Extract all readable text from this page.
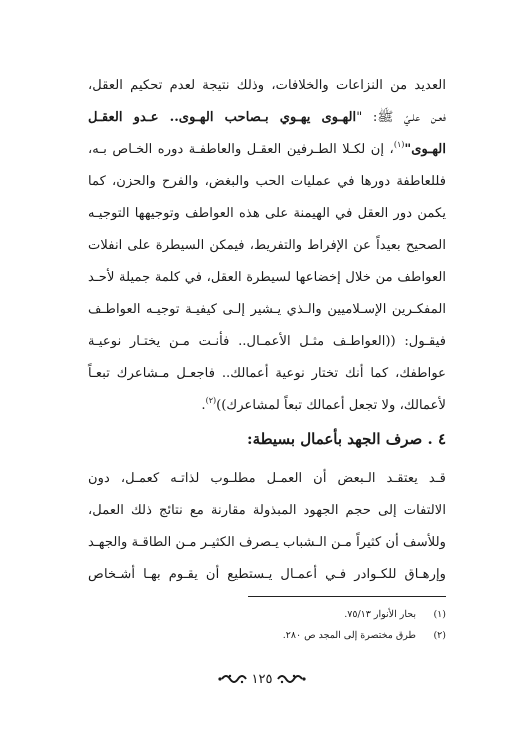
العديد من النزاعات والخلافات، وذلك نتيجة لعدم تحكيم العقل،
فعـن علـيّ ﷺ: "الهـوى يهـوي بـصاحب الهـوى.. عـدو العقـل
الهـوى"$^{(١)}$، إن لكـلا الطـرفين العقـل والعاطفـة دوره الخـاص بـه،
فللعاطفة دورها في عمليات الحب والبغض، والفرح والحزن، كما
يكمن دور العقل في الهيمنة على هذه العواطف وتوجيهها التوجيـه
الصحيح بعيداً عن الإفراط والتفريط، فيمكن السيطرة على انفلات
العواطف من خلال إخضاعها لسيطرة العقل، في كلمة جميلة لأحـد
المفكـرين الإسـلاميين والـذي يـشير إلـى كيفيـة توجيـه العواطـف
فيقـول: ((العواطـف مثـل الأعمـال.. فأنـت مـن يختـار نوعيـة
عواطفك، كما أنك تختار نوعية أعمالك.. فاجعـل مـشاعرك تبعـاً
لأعمالك، ولا تجعل أعمالك تبعاً لمشاعرك))$^{(٢)}$.
٤ . صرف الجهد بأعمال بسيطة:
قـد يعتقـد الـبعض أن العمـل مطلـوب لذاتـه كعمـل، دون
الالتفات إلى حجم الجهود المبذولة مقارنة مع نتائج ذلك العمل،
وللأسف أن كثيراً مـن الـشباب يـصرف الكثيـر مـن الطاقـة والجهـد
وإرهـاق للكـوادر فـي أعمـال يـستطيع أن يقـوم بهـا أشـخاص
(١)بحار الأنوار ٧٥/١٣.
(٢)طرق مختصرة إلى المجد ص ٢٨٠.
١٢٥
